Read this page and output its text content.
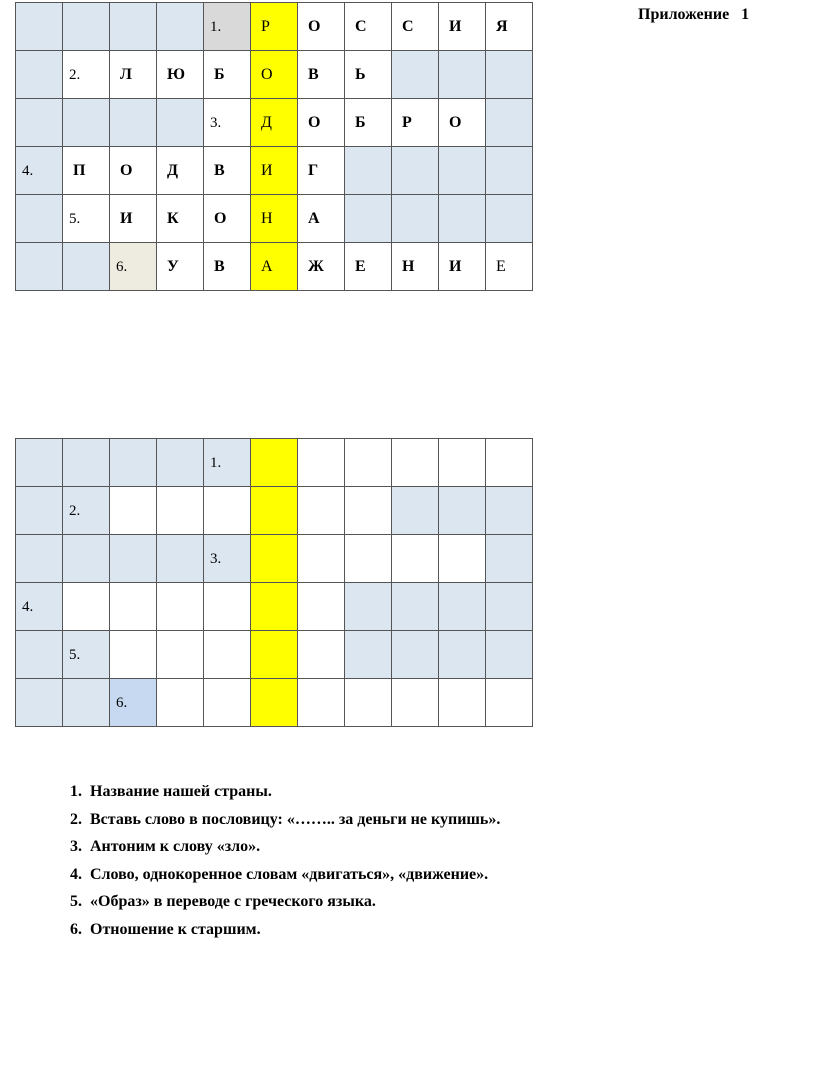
Приложение 1
				1.	Р	О	С	С	И	Я
	2.	Л	Ю	Б	О	В	Ь			
				3.	Д	О	Б	Р	О	
4.	П	О	Д	В	И	Г				
	5.	И	К	О	Н	А				
		6.	У	В	А	Ж	Е	Н	И	Е
				1.						
	2.									
				3.						
4.										
	5.									
		6.								
1. Название нашей страны.
2. Вставь слово в пословицу: «…….. за деньги не купишь».
3. Антоним к слову «зло».
4. Слово, однокоренное словам «двигаться», «движение».
5. «Образ» в переводе с греческого языка.
6. Отношение к старшим.
